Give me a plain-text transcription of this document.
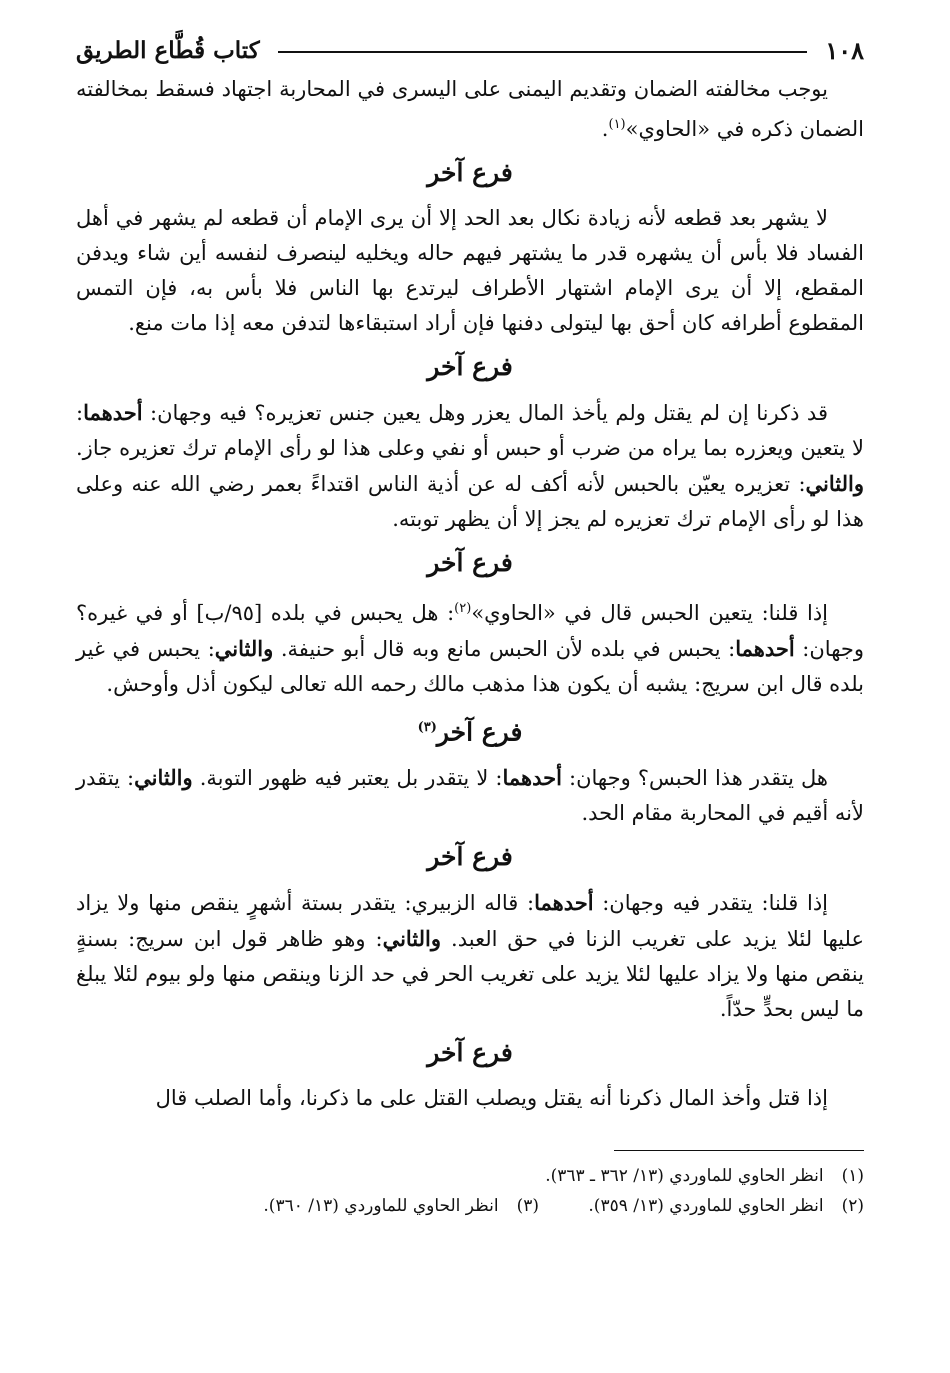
١٠٨
كتاب قُطَّاع الطريق

يوجب مخالفته الضمان وتقديم اليمنى على اليسرى في المحاربة اجتهاد فسقط بمخالفته الضمان ذكره في «الحاوي»$^{(١)}$.

فرع آخر

لا يشهر بعد قطعه لأنه زيادة نكال بعد الحد إلا أن يرى الإمام أن قطعه لم يشهر في أهل الفساد فلا بأس أن يشهره قدر ما يشتهر فيهم حاله ويخليه لينصرف لنفسه أين شاء ويدفن المقطع، إلا أن يرى الإمام اشتهار الأطراف ليرتدع بها الناس فلا بأس به، فإن التمس المقطوع أطرافه كان أحق بها ليتولى دفنها فإن أراد استبقاءها لتدفن معه إذا مات منع.

فرع آخر

قد ذكرنا إن لم يقتل ولم يأخذ المال يعزر وهل يعين جنس تعزيره؟ فيه وجهان: أحدهما: لا يتعين ويعزره بما يراه من ضرب أو حبس أو نفي وعلى هذا لو رأى الإمام ترك تعزيره جاز. والثاني: تعزيره يعيّن بالحبس لأنه أكف له عن أذية الناس اقتداءً بعمر رضي الله عنه وعلى هذا لو رأى الإمام ترك تعزيره لم يجز إلا أن يظهر توبته.

فرع آخر

إذا قلنا: يتعين الحبس قال في «الحاوي»$^{(٢)}$: هل يحبس في بلده [٩٥/ب] أو في غيره؟ وجهان: أحدهما: يحبس في بلده لأن الحبس مانع وبه قال أبو حنيفة. والثاني: يحبس في غير بلده قال ابن سريج: يشبه أن يكون هذا مذهب مالك رحمه الله تعالى ليكون أذل وأوحش.

فرع آخر$^{(٣)}$

هل يتقدر هذا الحبس؟ وجهان: أحدهما: لا يتقدر بل يعتبر فيه ظهور التوبة. والثاني: يتقدر لأنه أقيم في المحاربة مقام الحد.

فرع آخر

إذا قلنا: يتقدر فيه وجهان: أحدهما: قاله الزبيري: يتقدر بستة أشهرٍ ينقص منها ولا يزاد عليها لئلا يزيد على تغريب الزنا في حق العبد. والثاني: وهو ظاهر قول ابن سريج: بسنةٍ ينقص منها ولا يزاد عليها لئلا يزيد على تغريب الحر في حد الزنا وينقص منها ولو بيوم لئلا يبلغ ما ليس بحدٍّ حدّاً.

فرع آخر

إذا قتل وأخذ المال ذكرنا أنه يقتل ويصلب القتل على ما ذكرنا، وأما الصلب قال

(١)انظر الحاوي للماوردي (١٣/ ٣٦٢ ـ ٣٦٣).
(٢)انظر الحاوي للماوردي (١٣/ ٣٥٩). (٣)انظر الحاوي للماوردي (١٣/ ٣٦٠).
